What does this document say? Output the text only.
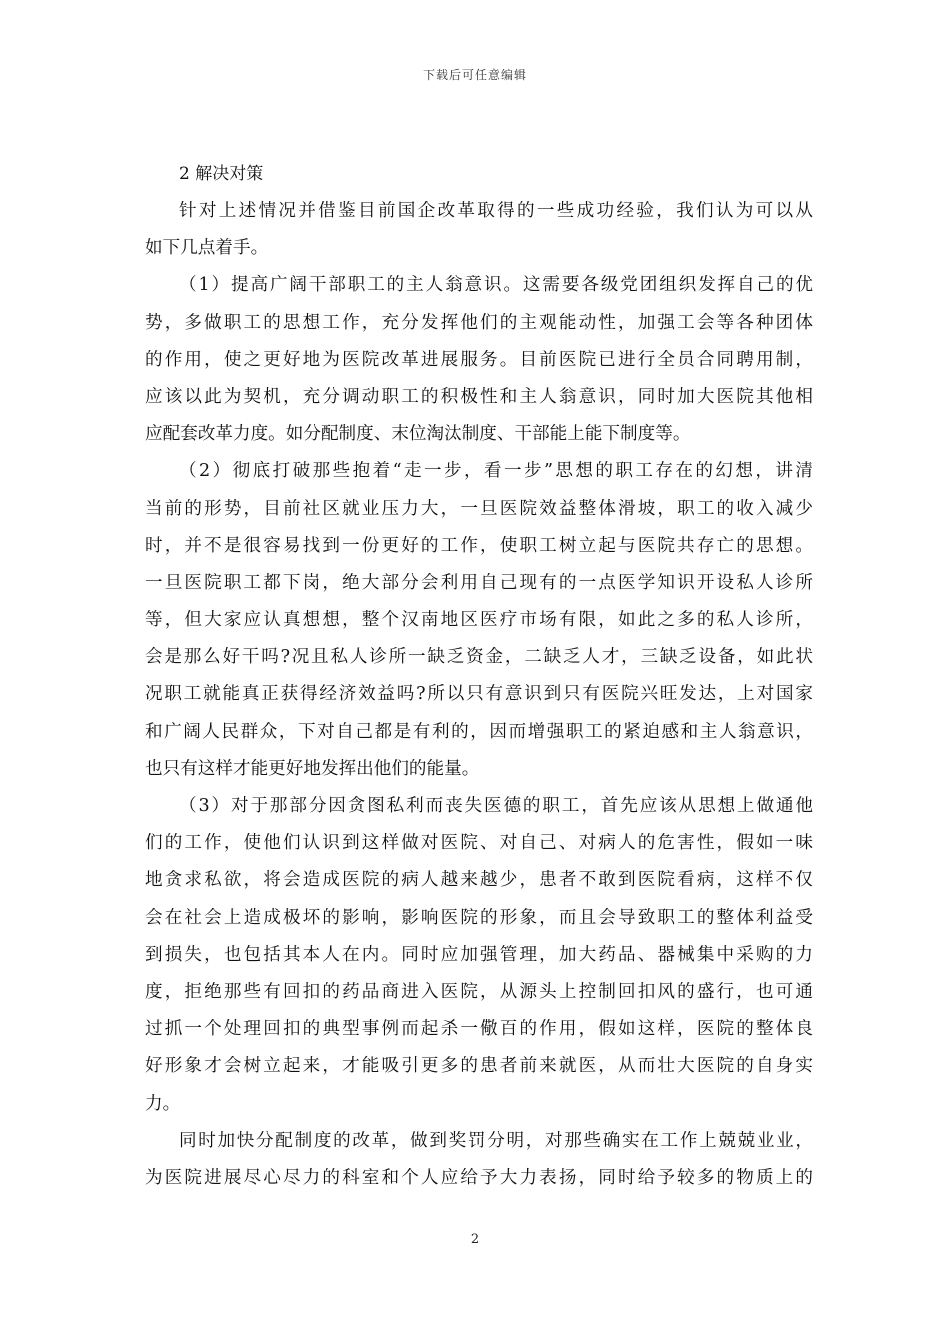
下载后可任意编辑
2 解决对策
针对上述情况并借鉴目前国企改革取得的一些成功经验，我们认为可以从
如下几点着手。
（1）提高广阔干部职工的主人翁意识。这需要各级党团组织发挥自己的优
势，多做职工的思想工作，充分发挥他们的主观能动性，加强工会等各种团体
的作用，使之更好地为医院改革进展服务。目前医院已进行全员合同聘用制，
应该以此为契机，充分调动职工的积极性和主人翁意识，同时加大医院其他相
应配套改革力度。如分配制度、末位淘汰制度、干部能上能下制度等。
（2）彻底打破那些抱着“走一步，看一步”思想的职工存在的幻想，讲清
当前的形势，目前社区就业压力大，一旦医院效益整体滑坡，职工的收入减少
时，并不是很容易找到一份更好的工作，使职工树立起与医院共存亡的思想。
一旦医院职工都下岗，绝大部分会利用自己现有的一点医学知识开设私人诊所
等，但大家应认真想想，整个汉南地区医疗市场有限，如此之多的私人诊所，
会是那么好干吗?况且私人诊所一缺乏资金，二缺乏人才，三缺乏设备，如此状
况职工就能真正获得经济效益吗?所以只有意识到只有医院兴旺发达，上对国家
和广阔人民群众，下对自己都是有利的，因而增强职工的紧迫感和主人翁意识，
也只有这样才能更好地发挥出他们的能量。
（3）对于那部分因贪图私利而丧失医德的职工，首先应该从思想上做通他
们的工作，使他们认识到这样做对医院、对自己、对病人的危害性，假如一味
地贪求私欲，将会造成医院的病人越来越少，患者不敢到医院看病，这样不仅
会在社会上造成极坏的影响，影响医院的形象，而且会导致职工的整体利益受
到损失，也包括其本人在内。同时应加强管理，加大药品、器械集中采购的力
度，拒绝那些有回扣的药品商进入医院，从源头上控制回扣风的盛行，也可通
过抓一个处理回扣的典型事例而起杀一儆百的作用，假如这样，医院的整体良
好形象才会树立起来，才能吸引更多的患者前来就医，从而壮大医院的自身实
力。
同时加快分配制度的改革，做到奖罚分明，对那些确实在工作上兢兢业业，
为医院进展尽心尽力的科室和个人应给予大力表扬，同时给予较多的物质上的
2
